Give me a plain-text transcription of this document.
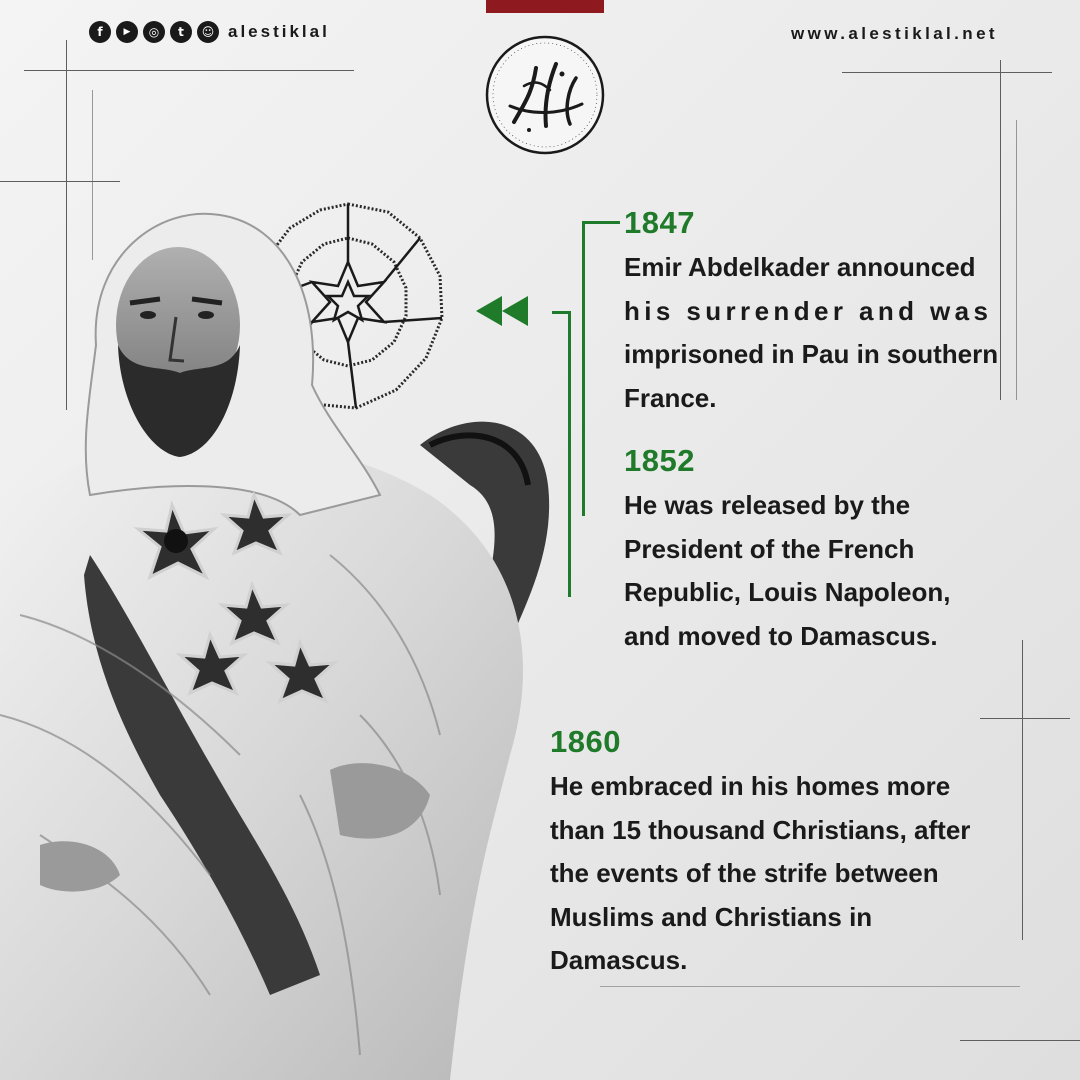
f	▶	◎	t	☺ alestiklal	www.alestiklal.net
1847
Emir Abdelkader announced
his surrender and was
imprisoned in Pau in southern
France.
1852
He was released by the
President of the French
Republic, Louis Napoleon,
and moved to Damascus.
1860
He embraced in his homes more
than 15 thousand Christians, after
the events of the strife between
Muslims and Christians in
Damascus.
